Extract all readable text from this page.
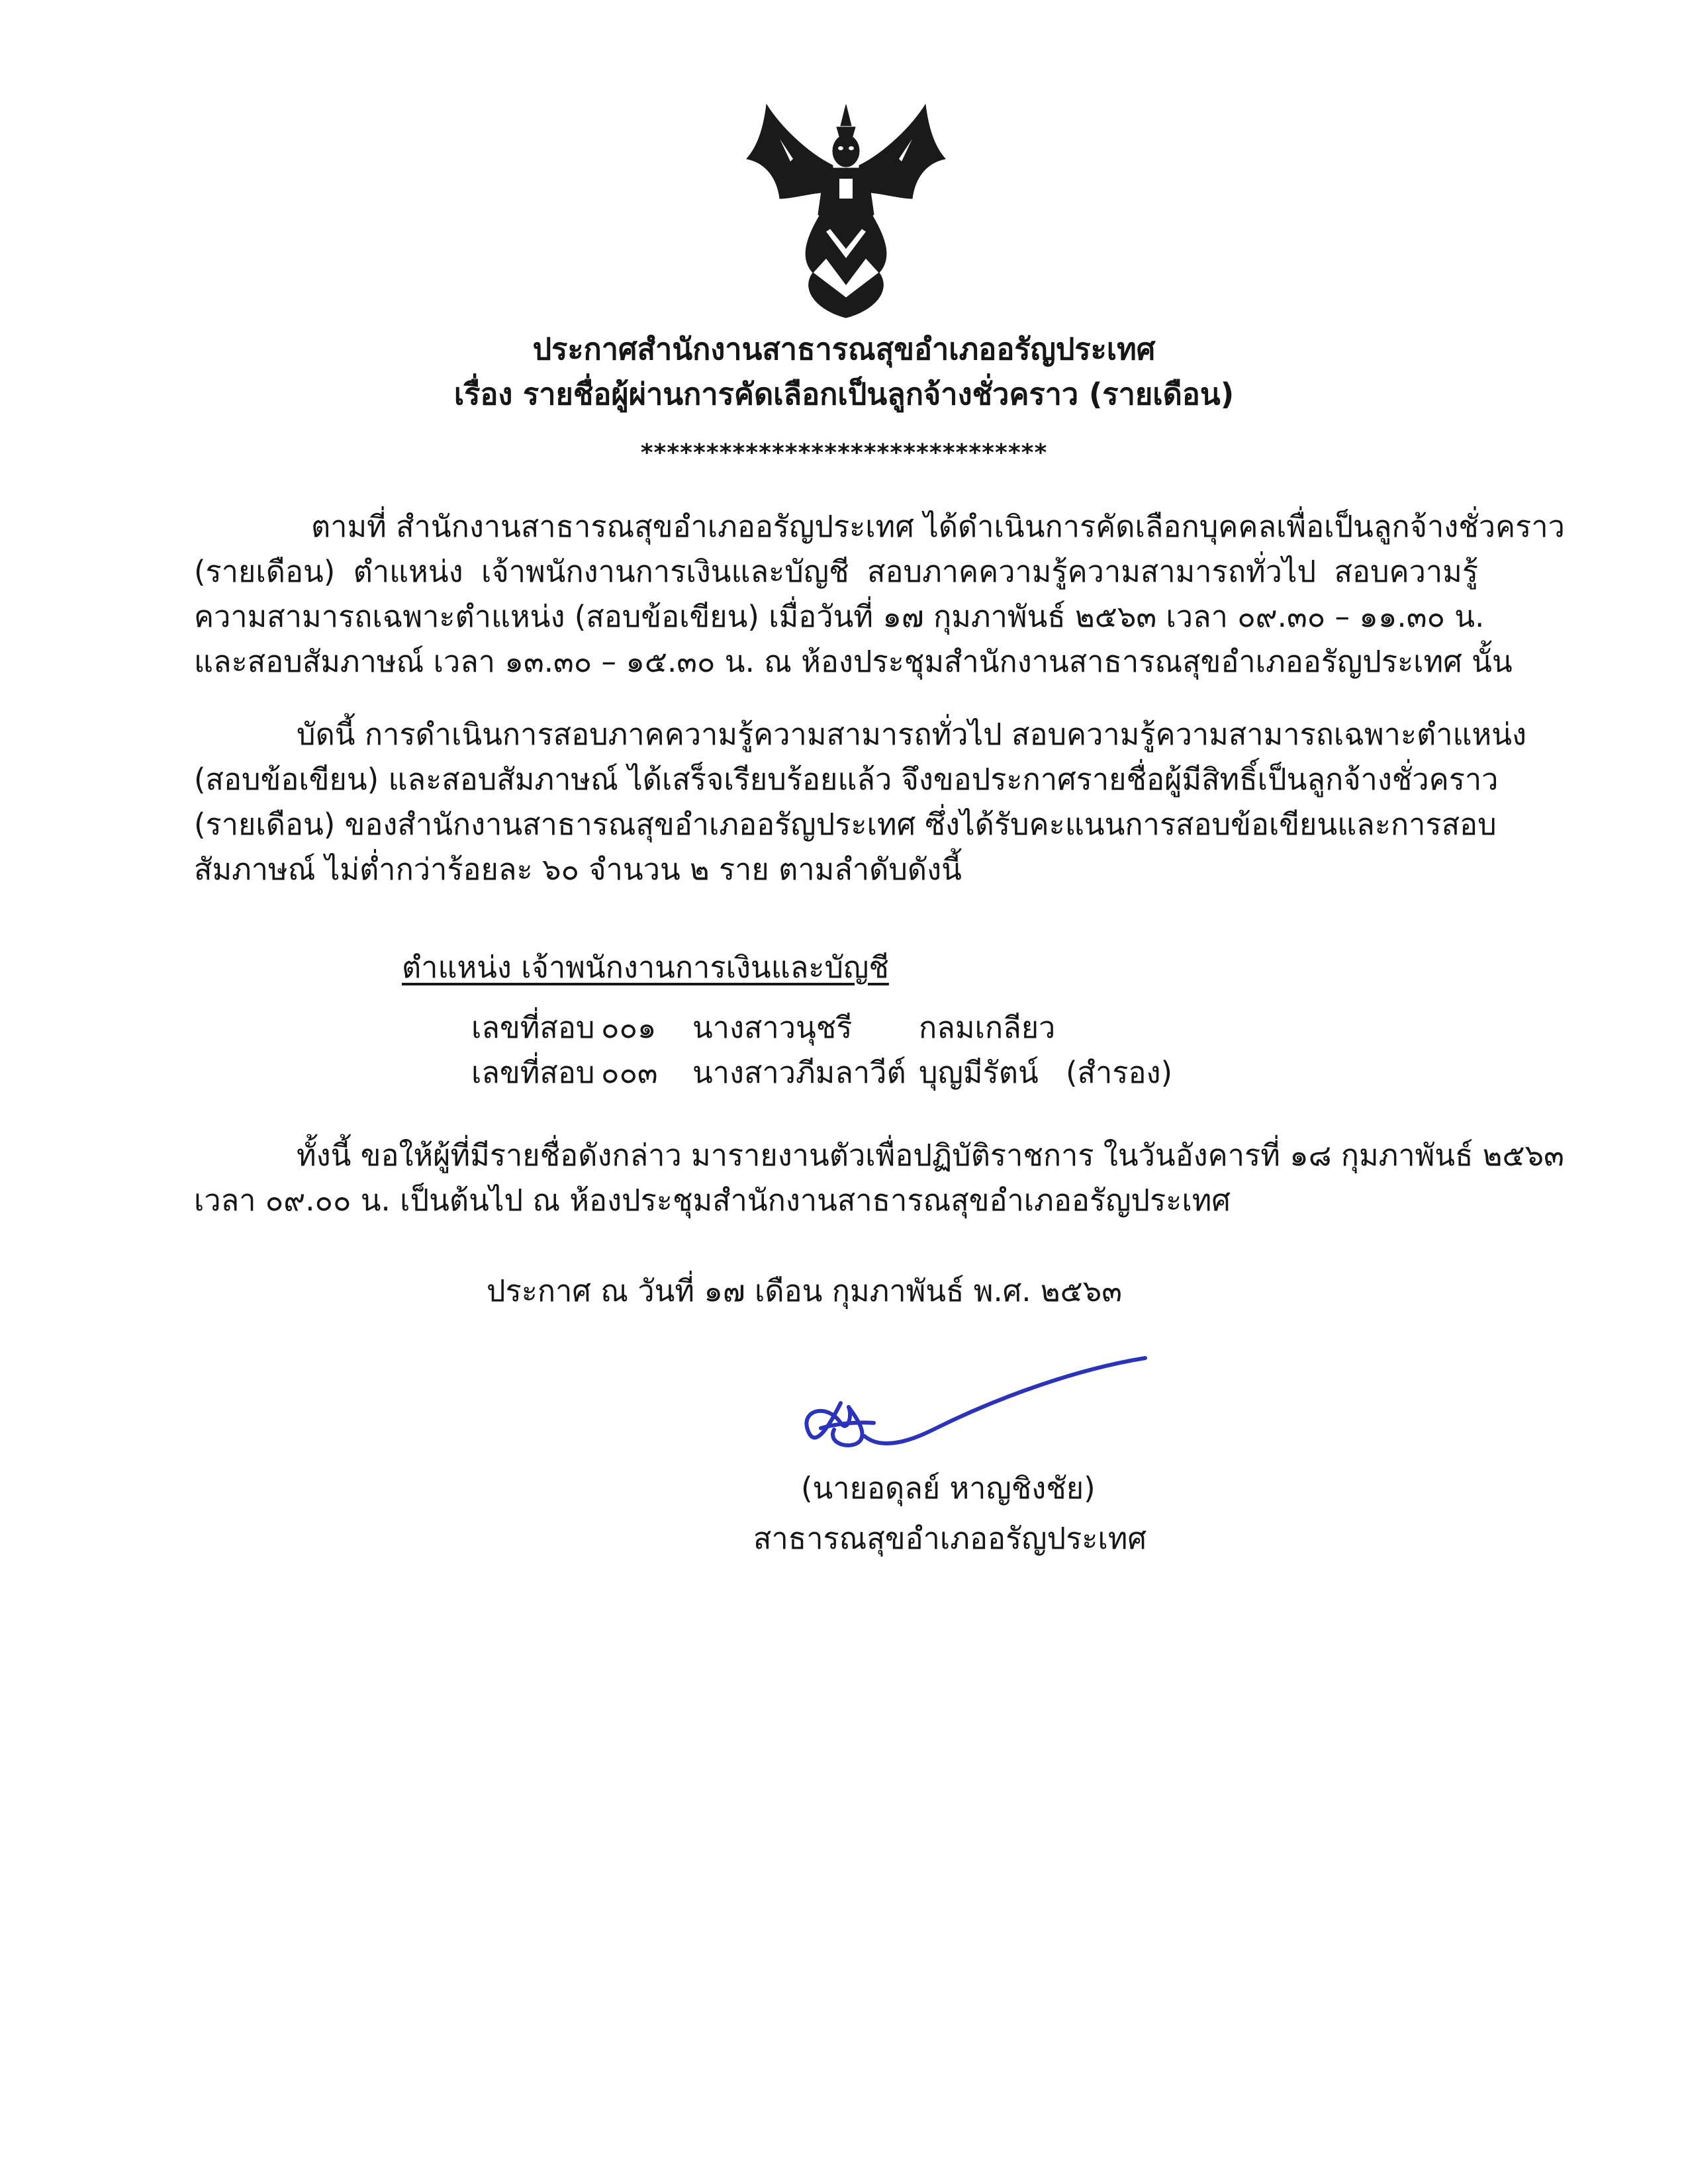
ประกาศสำนักงานสาธารณสุขอำเภออรัญประเทศ
เรื่อง รายชื่อผู้ผ่านการคัดเลือกเป็นลูกจ้างชั่วคราว (รายเดือน)
*******************************
ตามที่ สำนักงานสาธารณสุขอำเภออรัญประเทศ ได้ดำเนินการคัดเลือกบุคคลเพื่อเป็นลูกจ้างชั่วคราว
(รายเดือน) ตำแหน่ง เจ้าพนักงานการเงินและบัญชี สอบภาคความรู้ความสามารถทั่วไป สอบความรู้
ความสามารถเฉพาะตำแหน่ง (สอบข้อเขียน) เมื่อวันที่ ๑๗ กุมภาพันธ์ ๒๕๖๓ เวลา ๐๙.๓๐ – ๑๑.๓๐ น.
และสอบสัมภาษณ์ เวลา ๑๓.๓๐ – ๑๕.๓๐ น. ณ ห้องประชุมสำนักงานสาธารณสุขอำเภออรัญประเทศ นั้น
บัดนี้ การดำเนินการสอบภาคความรู้ความสามารถทั่วไป สอบความรู้ความสามารถเฉพาะตำแหน่ง
(สอบข้อเขียน) และสอบสัมภาษณ์ ได้เสร็จเรียบร้อยแล้ว จึงขอประกาศรายชื่อผู้มีสิทธิ์เป็นลูกจ้างชั่วคราว
(รายเดือน) ของสำนักงานสาธารณสุขอำเภออรัญประเทศ ซึ่งได้รับคะแนนการสอบข้อเขียนและการสอบ
สัมภาษณ์ ไม่ต่ำกว่าร้อยละ ๖๐ จำนวน ๒ ราย ตามลำดับดังนี้
ตำแหน่ง เจ้าพนักงานการเงินและบัญชี
เลขที่สอบ ๐๐๑ นางสาวนุชรี กลมเกลียว
เลขที่สอบ ๐๐๓ นางสาวภีมลาวีต์ บุญมีรัตน์ (สำรอง)
ทั้งนี้ ขอให้ผู้ที่มีรายชื่อดังกล่าว มารายงานตัวเพื่อปฏิบัติราชการ ในวันอังคารที่ ๑๘ กุมภาพันธ์ ๒๕๖๓
เวลา ๐๙.๐๐ น. เป็นต้นไป ณ ห้องประชุมสำนักงานสาธารณสุขอำเภออรัญประเทศ
ประกาศ ณ วันที่ ๑๗ เดือน กุมภาพันธ์ พ.ศ. ๒๕๖๓
(นายอดุลย์ หาญชิงชัย)
สาธารณสุขอำเภออรัญประเทศ
